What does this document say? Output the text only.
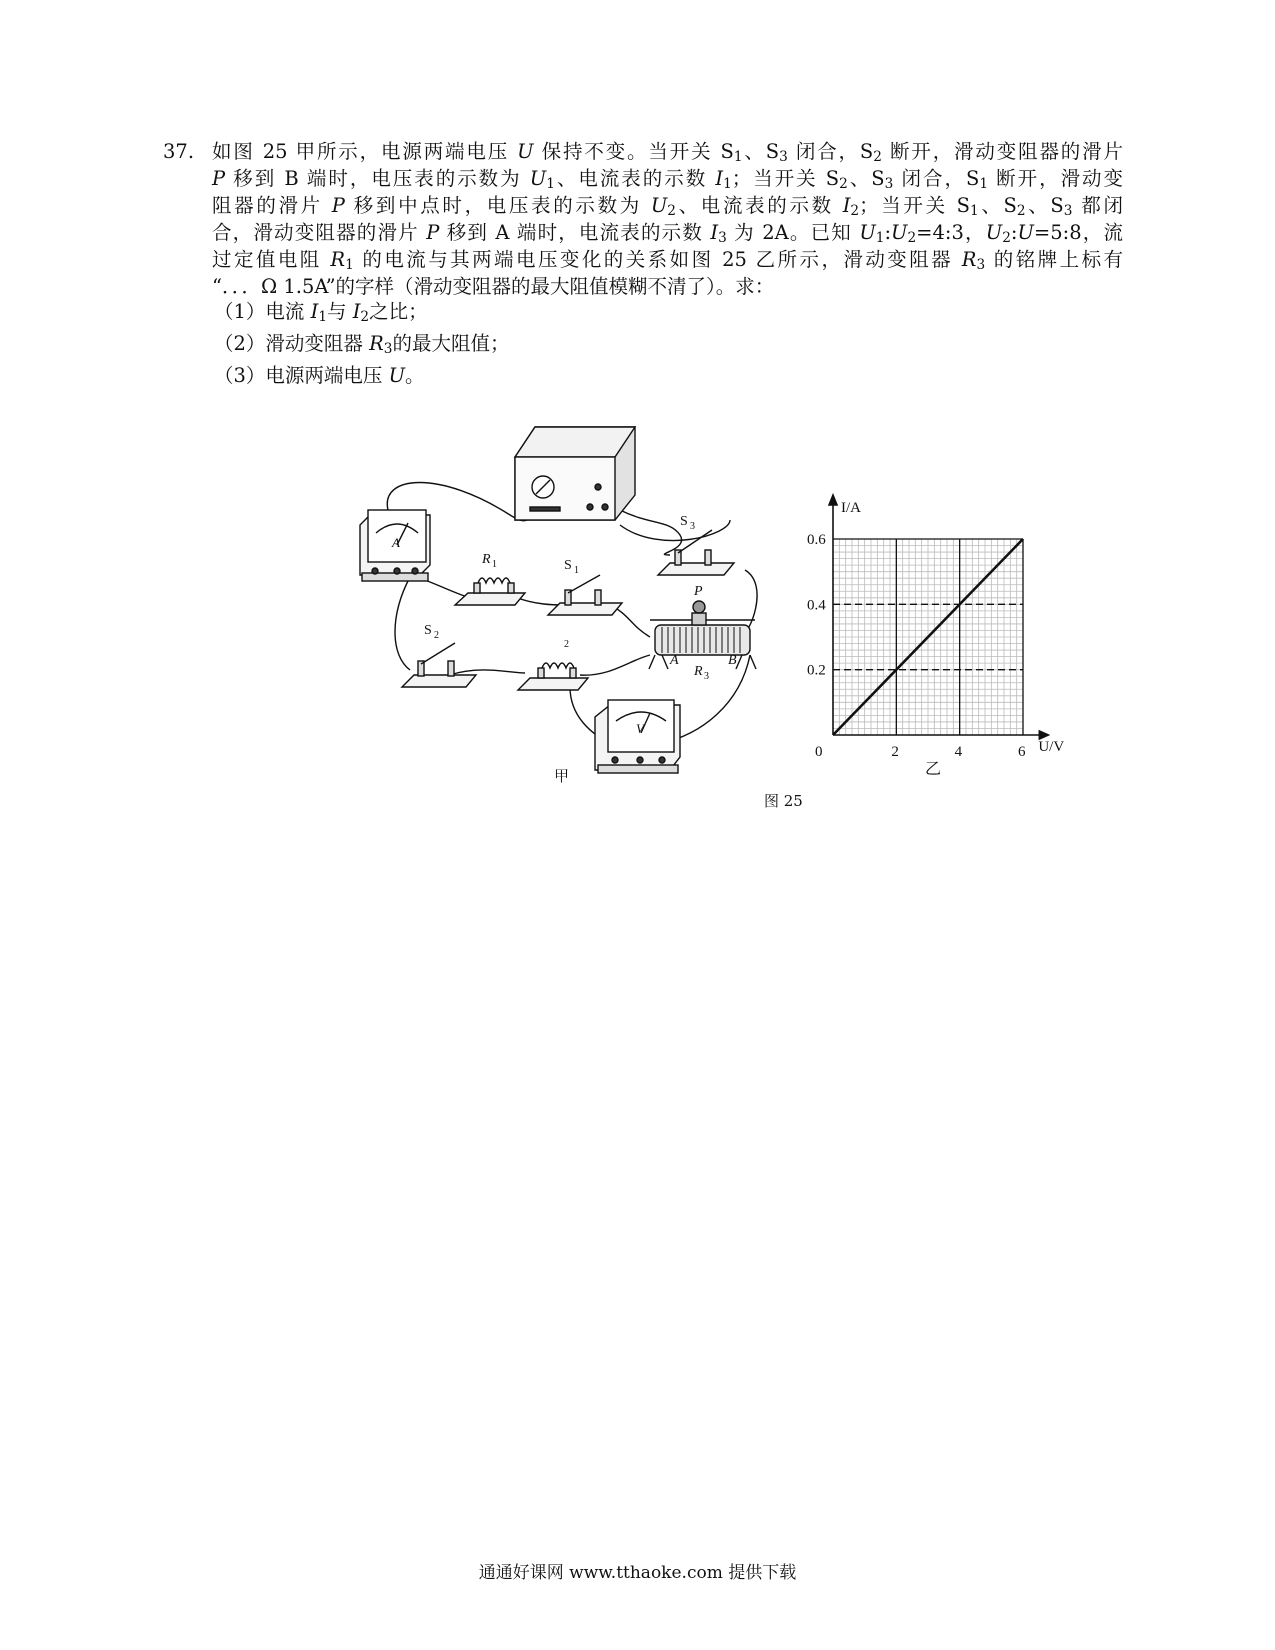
37. 如图 25 甲所示，电源两端电压 U 保持不变。当开关 $S_1$、$S_3$ 闭合，$S_2$ 断开，滑动变阻器的滑片
P 移到 B 端时，电压表的示数为 $U_1$、电流表的示数 $I_1$；当开关 $S_2$、$S_3$ 闭合，$S_1$ 断开，滑动变
阻器的滑片 P 移到中点时，电压表的示数为 $U_2$、电流表的示数 $I_2$；当开关 $S_1$、$S_2$、$S_3$ 都闭
合，滑动变阻器的滑片 P 移到 A 端时，电流表的示数 $I_3$ 为 2A。已知 $U_1:U_2=4:3$，$U_2:U=5:8$，流
过定值电阻 $R_1$ 的电流与其两端电压变化的关系如图 25 乙所示，滑动变阻器 $R_3$ 的铭牌上标有
“．．．Ω 1.5A”的字样（滑动变阻器的最大阻值模糊不清了）。求：
（1）电流 $I_1$与 $I_2$之比；
（2）滑动变阻器 $R_3$的最大阻值；
（3）电源两端电压 U。
A
R 1	S 1
S 3
S 2
2
P
A	B
R 3
V
甲
0	2	4	6
0.2
0.4
0.6
I/A
U/V
乙
图 25
通通好课网 www.tthaoke.com 提供下载
